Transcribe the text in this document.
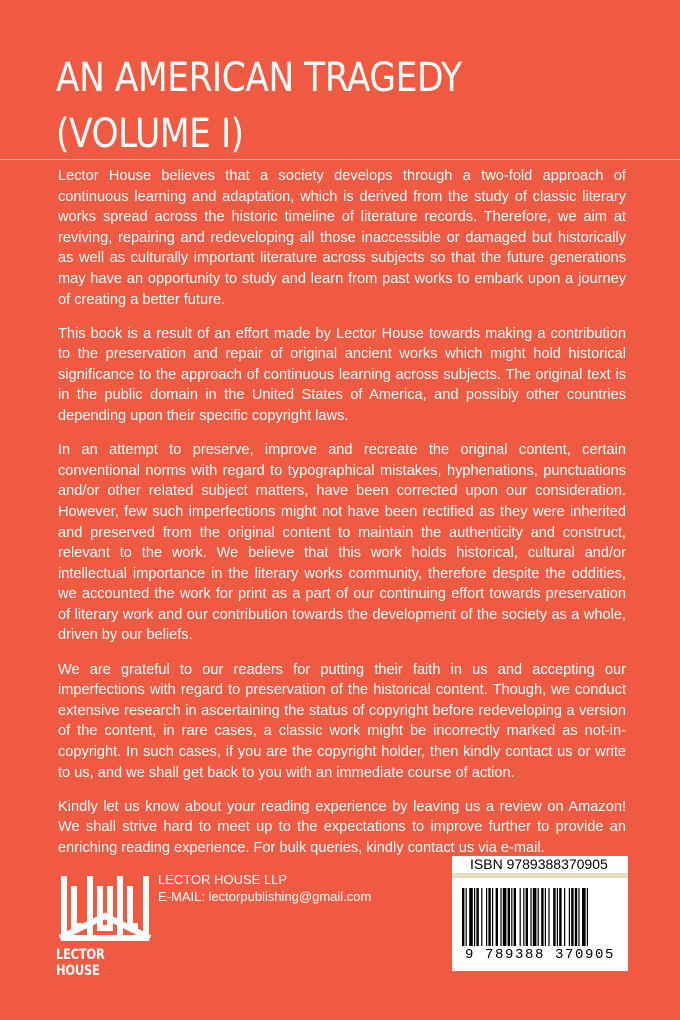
AN AMERICAN TRAGEDY
(VOLUME I)

Lector House believes that a society develops through a two-fold approach of continuous learning and adaptation, which is derived from the study of classic literary works spread across the historic timeline of literature records. Therefore, we aim at reviving, repairing and redeveloping all those inaccessible or damaged but historically as well as culturally important literature across subjects so that the future generations may have an opportunity to study and learn from past works to embark upon a journey of creating a better future.

This book is a result of an effort made by Lector House towards making a contribution to the preservation and repair of original ancient works which might hold historical significance to the approach of continuous learning across subjects. The original text is in the public domain in the United States of America, and possibly other countries depending upon their specific copyright laws.

In an attempt to preserve, improve and recreate the original content, certain conventional norms with regard to typographical mistakes, hyphenations, punctuations and/or other related subject matters, have been corrected upon our consideration. However, few such imperfections might not have been rectified as they were inherited and preserved from the original content to maintain the authenticity and construct, relevant to the work. We believe that this work holds historical, cultural and/or intellectual importance in the literary works community, therefore despite the oddities, we accounted the work for print as a part of our continuing effort towards preservation of literary work and our contribution towards the development of the society as a whole, driven by our beliefs.

We are grateful to our readers for putting their faith in us and accepting our imperfections with regard to preservation of the historical content. Though, we conduct extensive research in ascertaining the status of copyright before redeveloping a version of the content, in rare cases, a classic work might be incorrectly marked as not-in-copyright. In such cases, if you are the copyright holder, then kindly contact us or write to us, and we shall get back to you with an immediate course of action.

Kindly let us know about your reading experience by leaving us a review on Amazon! We shall strive hard to meet up to the expectations to improve further to provide an enriching reading experience. For bulk queries, kindly contact us via e-mail.

LECTOR HOUSE
LECTOR HOUSE LLP
E-MAIL: lectorpublishing@gmail.com
ISBN 9789388370905
9 789388 370905
